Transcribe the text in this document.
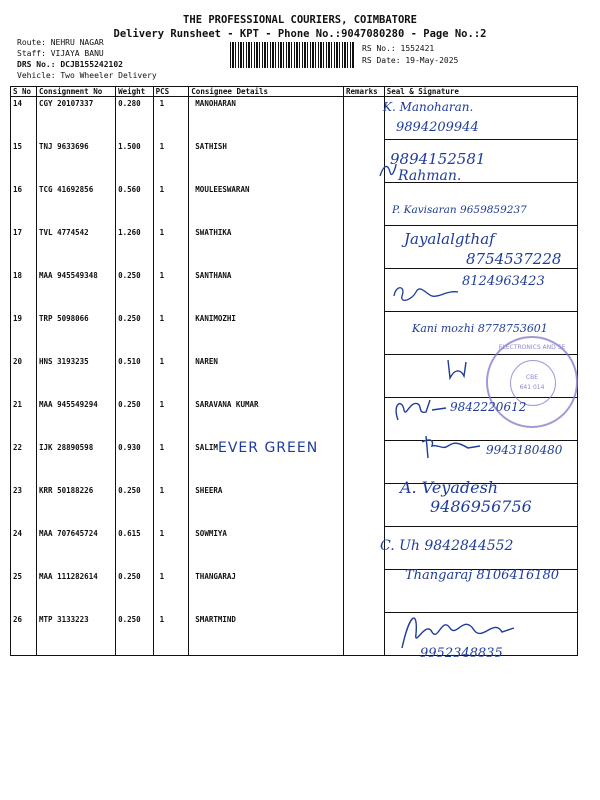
THE PROFESSIONAL COURIERS, COIMBATORE
Delivery Runsheet - KPT - Phone No.:9047080280 - Page No.:2
Route: NEHRU NAGAR
Staff: VIJAYA BANU
DRS No.: DCJB15524210​2
Vehicle: Two Wheeler Delivery
RS No.: 1552421
RS Date: 19-May-2025
S No	Consignment No	Weight	PCS	Consignee Details	Remarks	Seal & Signature
14	CGY 20107337	0.280	1	MANOHARAN		
15	TNJ 9633696	1.500	1	SATHISH		
16	TCG 41692856	0.560	1	MOULEESWARAN		
17	TVL 4774542	1.260	1	SWATHIKA		
18	MAA 945549348	0.250	1	SANTHANA		
19	TRP 5098066	0.250	1	KANIMOZHI		
20	HNS 3193235	0.510	1	NAREN		
21	MAA 945549294	0.250	1	SARAVANA KUMAR		
22	IJK 28890598	0.930	1	SALIM		
23	KRR 50188226	0.250	1	SHEERA		
24	MAA 707645724	0.615	1	SOWMIYA		
25	MAA 111282614	0.250	1	THANGARAJ		
26	MTP 3133223	0.250	1	SMARTMIND		
ELECTRONICS AND SE
CBE
641 014
K. Manoharan.
9894209944
9894152581
Rahman.
P. Kavisaran 9659859237
Jayalalgthaf
8754537228
8124963423
Kani mozhi 8778753601
9842220612
9943180480
EVER GREEN
A. Veyadesh
9486956756
C. Uh 9842844552
Thangaraj 8106416180
9952348835
